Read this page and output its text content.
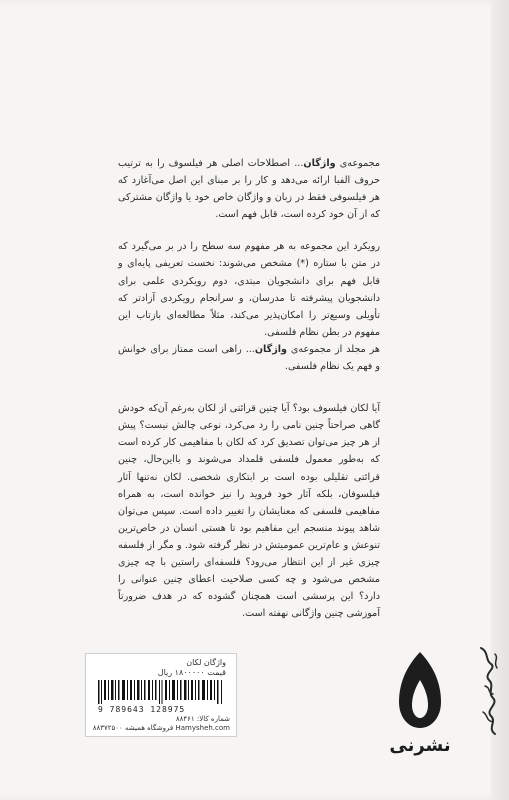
مجموعه‌ی واژگان... اصطلاحات اصلی هر فیلسوف را به ترتیب حروف الفبا ارائه می‌دهد و کار را بر مبنای این اصل می‌آغازد که هر فیلسوفی فقط در زبان و واژگان خاص خود یا واژگان مشترکی که از آن خود کرده است، قابل فهم است.

رویکرد این مجموعه به هر مفهوم سه سطح را در بر می‌گیرد که در متن با ستاره (*) مشخص می‌شوند: نخست تعریفی پایه‌ای و قابل فهم برای دانشجویان مبتدی، دوم رویکردی علمی برای دانشجویان پیشرفته تا مدرسان، و سرانجام رویکردی آزادتر که تأویلی وسیع‌تر را امکان‌پذیر می‌کند، مثلاً مطالعه‌ای بازتاب این مفهوم در بطن نظام فلسفی.

هر مجلد از مجموعه‌ی واژگان... راهی است ممتاز برای خوانش و فهم یک نظام فلسفی.

آیا لکان فیلسوف بود؟ آیا چنین قرائتی از لکان به‌رغم آن‌که خودش گاهی صراحتاً چنین نامی را رد می‌کرد، نوعی چالش نیست؟ پیش از هر چیز می‌توان تصدیق کرد که لکان با مفاهیمی کار کرده است که به‌طور معمول فلسفی قلمداد می‌شوند و بااین‌حال، چنین قرائتی تقلیلی بوده است بر ابتکاری شخصی. لکان نه‌تنها آثار فیلسوفان، بلکه آثار خود فروید را نیز خوانده است، به همراه مفاهیمی فلسفی که معنایشان را تغییر داده است. سپس می‌توان شاهد پیوند منسجم این مفاهیم بود تا هستی انسان در خاص‌ترین تنوعش و عام‌ترین عمومیتش در نظر گرفته شود. و مگر از فلسفه چیزی غیر از این انتظار می‌رود؟ فلسفه‌ای راستین با چه چیزی مشخص می‌شود و چه کسی صلاحیت اعطای چنین عنوانی را دارد؟ این پرسشی است همچنان گشوده که در هدف ضرورتاً آموزشی چنین واژگانی نهفته است.

واژگان لکان
قیمت ۱۸۰۰۰۰۰ ریال
9 789643 128975
شماره کالا: ۸۸۴۶۱
Hamysheh.com فروشگاه همیشه ۸۸۳۷۲۵۰۰
نشرنی
